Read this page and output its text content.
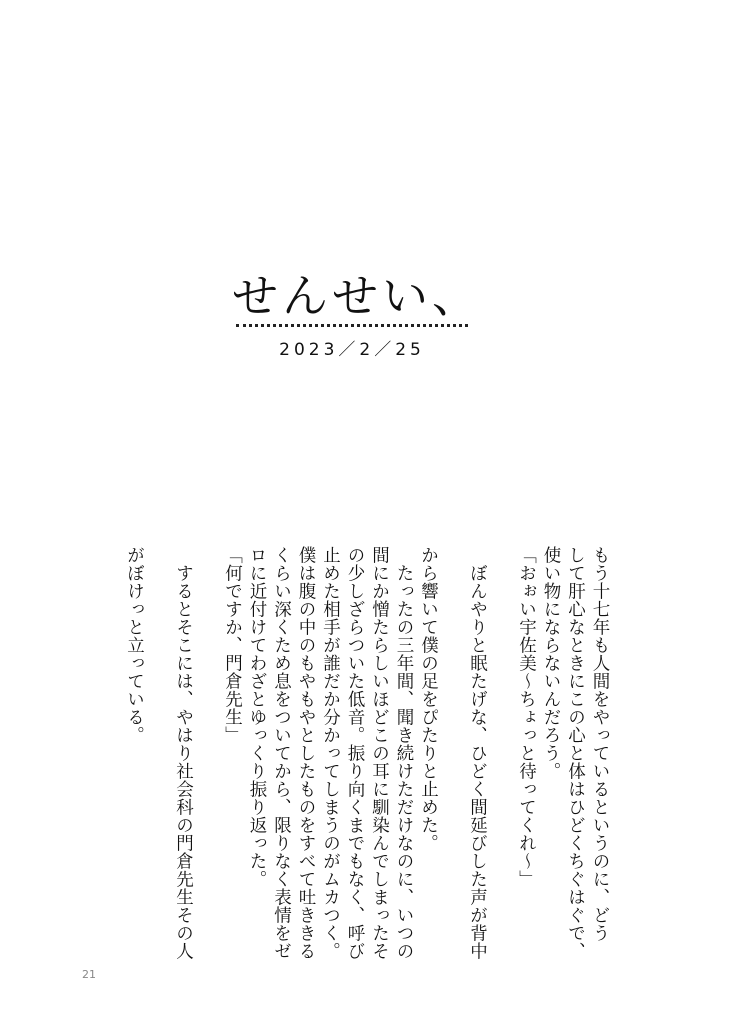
せんせい、
2023／2／25

もう十七年も人間をやっているというのに、どう

して肝心なときにこの心と体はひどくちぐはぐで、

使い物にならないんだろう。

「おぉい宇佐美〜ちょっと待ってくれ〜」

　ぼんやりと眠たげな、ひどく間延びした声が背中

から響いて僕の足をぴたりと止めた。

　たったの三年間、聞き続けただけなのに、いつの

間にか憎たらしいほどこの耳に馴染んでしまったそ

の少しざらついた低音。振り向くまでもなく、呼び

止めた相手が誰だか分かってしまうのがムカつく。

僕は腹の中のもやもやとしたものをすべて吐ききる

くらい深くため息をついてから、限りなく表情をゼ

ロに近付けてわざとゆっくり振り返った。

「何ですか、門倉先生」

　するとそこには、やはり社会科の門倉先生その人

がぼけっと立っている。

21
